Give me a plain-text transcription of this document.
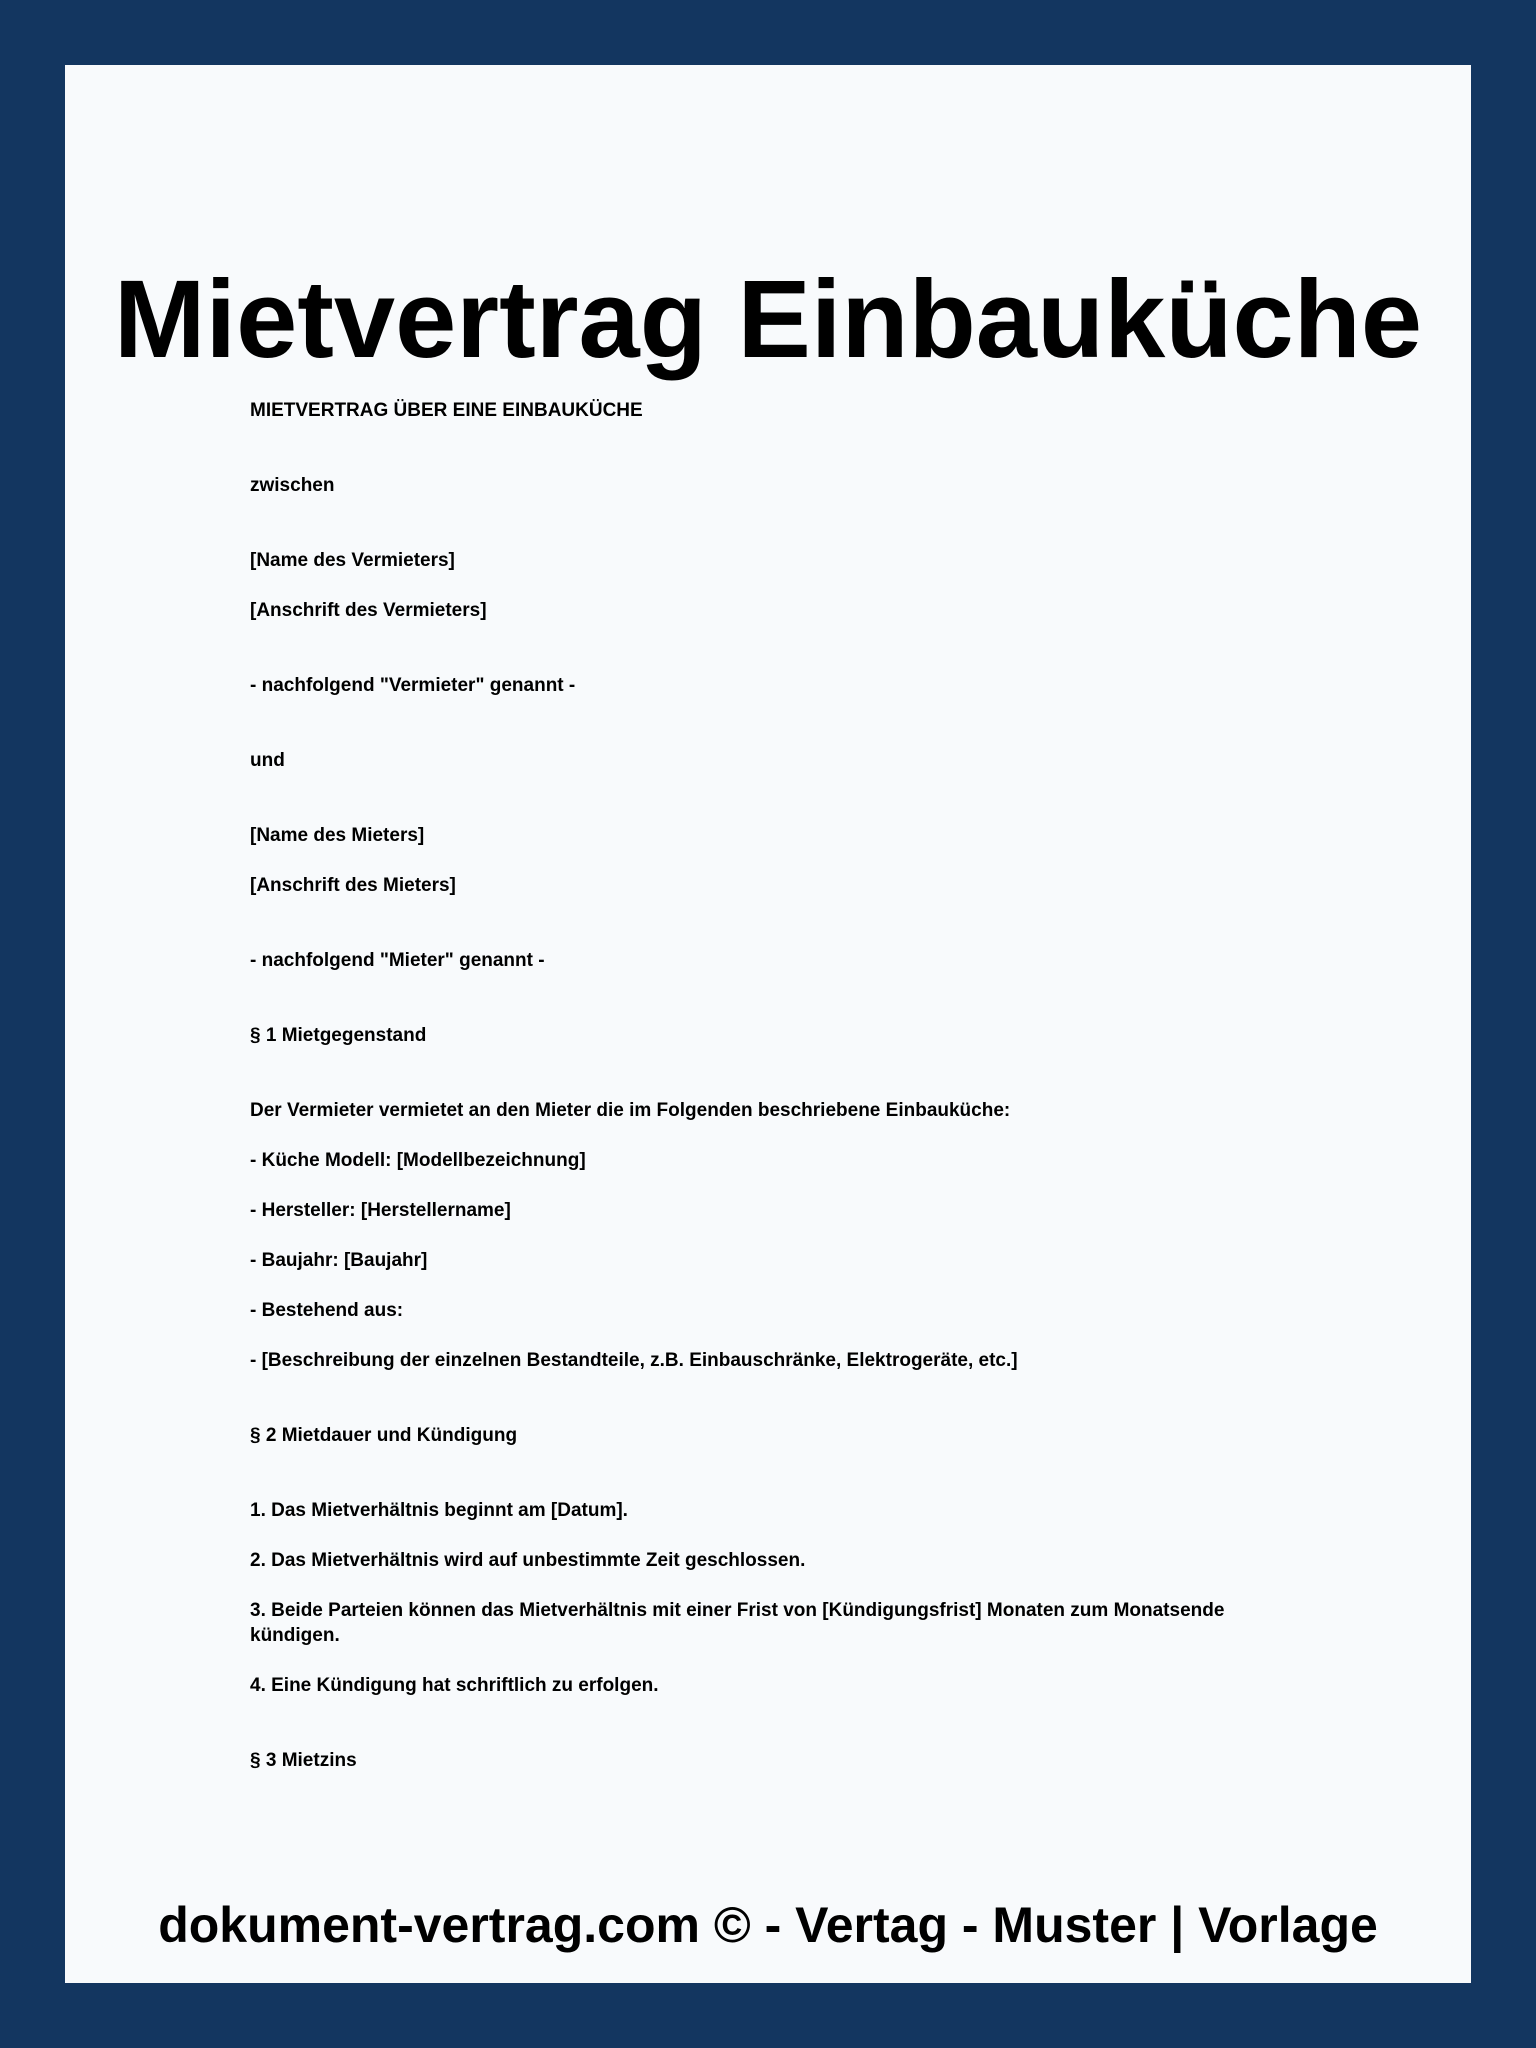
Mietvertrag Einbauküche

MIETVERTRAG ÜBER EINE EINBAUKÜCHE

zwischen

[Name des Vermieters]

[Anschrift des Vermieters]

- nachfolgend "Vermieter" genannt -

und

[Name des Mieters]

[Anschrift des Mieters]

- nachfolgend "Mieter" genannt -

§ 1 Mietgegenstand

Der Vermieter vermietet an den Mieter die im Folgenden beschriebene Einbauküche:

- Küche Modell: [Modellbezeichnung]

- Hersteller: [Herstellername]

- Baujahr: [Baujahr]

- Bestehend aus:

- [Beschreibung der einzelnen Bestandteile, z.B. Einbauschränke, Elektrogeräte, etc.]

§ 2 Mietdauer und Kündigung

1. Das Mietverhältnis beginnt am [Datum].

2. Das Mietverhältnis wird auf unbestimmte Zeit geschlossen.

3. Beide Parteien können das Mietverhältnis mit einer Frist von [Kündigungsfrist] Monaten zum Monatsende kündigen.

4. Eine Kündigung hat schriftlich zu erfolgen.

§ 3 Mietzins

dokument-vertrag.com © - Vertag - Muster | Vorlage
